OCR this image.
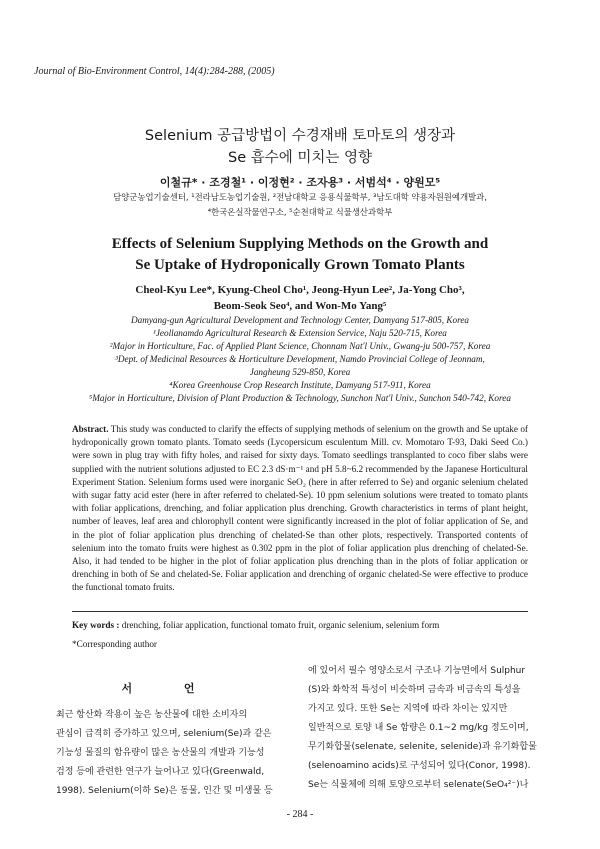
Journal of Bio-Environment Control, 14(4):284-288, (2005)
Selenium 공급방법이 수경재배 토마토의 생장과
Se 흡수에 미치는 영향
이철규* · 조경철¹ · 이정현² · 조자용³ · 서범석⁴ · 양원모⁵
담양군농업기술센터, ¹전라남도농업기술원, ²전남대학교 응용식물학부, ³남도대학 약용자원원예개발과,
⁴한국온실작물연구소, ⁵순천대학교 식물생산과학부
Effects of Selenium Supplying Methods on the Growth and
Se Uptake of Hydroponically Grown Tomato Plants
Cheol-Kyu Lee*, Kyung-Cheol Cho¹, Jeong-Hyun Lee², Ja-Yong Cho³,
Beom-Seok Seo⁴, and Won-Mo Yang⁵
Damyang-gun Agricultural Development and Technology Center, Damyang 517-805, Korea
¹Jeollanamdo Agricultural Research & Extension Service, Naju 520-715, Korea
²Major in Horticulture, Fac. of Applied Plant Science, Chonnam Nat'l Univ., Gwang-ju 500-757, Korea
³Dept. of Medicinal Resources & Horticulture Development, Namdo Provincial College of Jeonnam,
Jangheung 529-850, Korea
⁴Korea Greenhouse Crop Research Institute, Damyang 517-911, Korea
⁵Major in Horticulture, Division of Plant Production & Technology, Sunchon Nat'l Univ., Sunchon 540-742, Korea
Abstract. This study was conducted to clarify the effects of supplying methods of selenium on the growth and Se uptake of hydroponically grown tomato plants. Tomato seeds (Lycopersicum esculentum Mill. cv. Momotaro T-93, Daki Seed Co.) were sown in plug tray with fifty holes, and raised for sixty days. Tomato seedlings transplanted to coco fiber slabs were supplied with the nutrient solutions adjusted to EC 2.3 dS·m⁻¹ and pH 5.8~6.2 recommended by the Japanese Horticultural Experiment Station. Selenium forms used were inorganic SeO₂ (here in after referred to Se) and organic selenium chelated with sugar fatty acid ester (here in after referred to chelated-Se). 10 ppm selenium solutions were treated to tomato plants with foliar applications, drenching, and foliar application plus drenching. Growth characteristics in terms of plant height, number of leaves, leaf area and chlorophyll content were significantly increased in the plot of foliar application of Se, and in the plot of foliar application plus drenching of chelated-Se than other plots, respectively. Transported contents of selenium into the tomato fruits were highest as 0.302 ppm in the plot of foliar application plus drenching of chelated-Se. Also, it had tended to be higher in the plot of foliar application plus drenching than in the plots of foliar application or drenching in both of Se and chelated-Se. Foliar application and drenching of organic chelated-Se were effective to produce the functional tomato fruits.
Key words : drenching, foliar application, functional tomato fruit, organic selenium, selenium form
*Corresponding author
서 언
최근 항산화 작용이 높은 농산물에 대한 소비자의
관심이 급격히 증가하고 있으며, selenium(Se)과 같은
기능성 물질의 함유량이 많은 농산물의 개발과 기능성
검정 등에 관련한 연구가 늘어나고 있다(Greenwald,
1998). Selenium(이하 Se)은 동물, 인간 및 미생물 등
에 있어서 필수 영양소로서 구조나 기능면에서 Sulphur
(S)와 화학적 특성이 비슷하며 금속과 비금속의 특성을
가지고 있다. 또한 Se는 지역에 따라 차이는 있지만
일반적으로 토양 내 Se 함량은 0.1~2 mg/kg 정도이며,
무기화합물(selenate, selenite, selenide)과 유기화합물
(selenoamino acids)로 구성되어 있다(Conor, 1998).
Se는 식물체에 의해 토양으로부터 selenate(SeO₄²⁻)나
- 284 -
